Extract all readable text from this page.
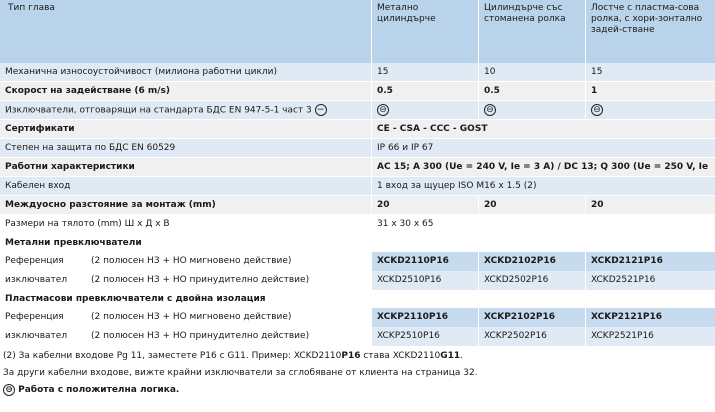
Тип глава	Метално цилиндърче	Цилиндърче със стоманена ролка	Лостче с пластма-сова ролка, с хори-зонтално задей-стване
Механична износоустойчивост (милиона работни цикли)	15	10	15
Скорост на задействане (6 m/s)	0.5	0.5	1
Изключватели, отговарящи на стандарта БДС EN 947-5-1 част 3 −	⊖	⊖	⊖
Сертификати	CE - CSA - CCC - GOST		
Степен на защита по БДС EN 60529	IP 66 и IP 67		
Работни характеристики	AC 15; A 300 (Ue = 240 V, Ie = 3 A) / DC 13; Q 300 (Ue = 250 V, Ie		
Кабелен вход	1 вход за щуцер ISO M16 x 1.5 (2)		
Междуосно разстояние за монтаж (mm)	20	20	20
Размери на тялото (mm) Ш х Д х В	31 x 30 x 65		
Метални превключватели			
Референция (2 полюсен НЗ + НО мигновено действие)	XCKD2110P16	XCKD2102P16	XCKD2121P16
изключвател (2 полюсен НЗ + НО принудително действие)	XCKD2510P16	XCKD2502P16	XCKD2521P16
Пластмасови превключватели с двойна изолация			
Референция (2 полюсен НЗ + НО мигновено действие)	XCKP2110P16	XCKP2102P16	XCKP2121P16
изключвател (2 полюсен НЗ + НО принудително действие)	XCKP2510P16	XCKP2502P16	XCKP2521P16
(2) За кабелни входове Pg 11, заместете P16 с G11. Пример: XCKD2110P16 става XCKD2110G11.
За други кабелни входове, вижте крайни изключватели за сглобяване от клиента на страница 32.
⊖ Работа с положителна логика.
